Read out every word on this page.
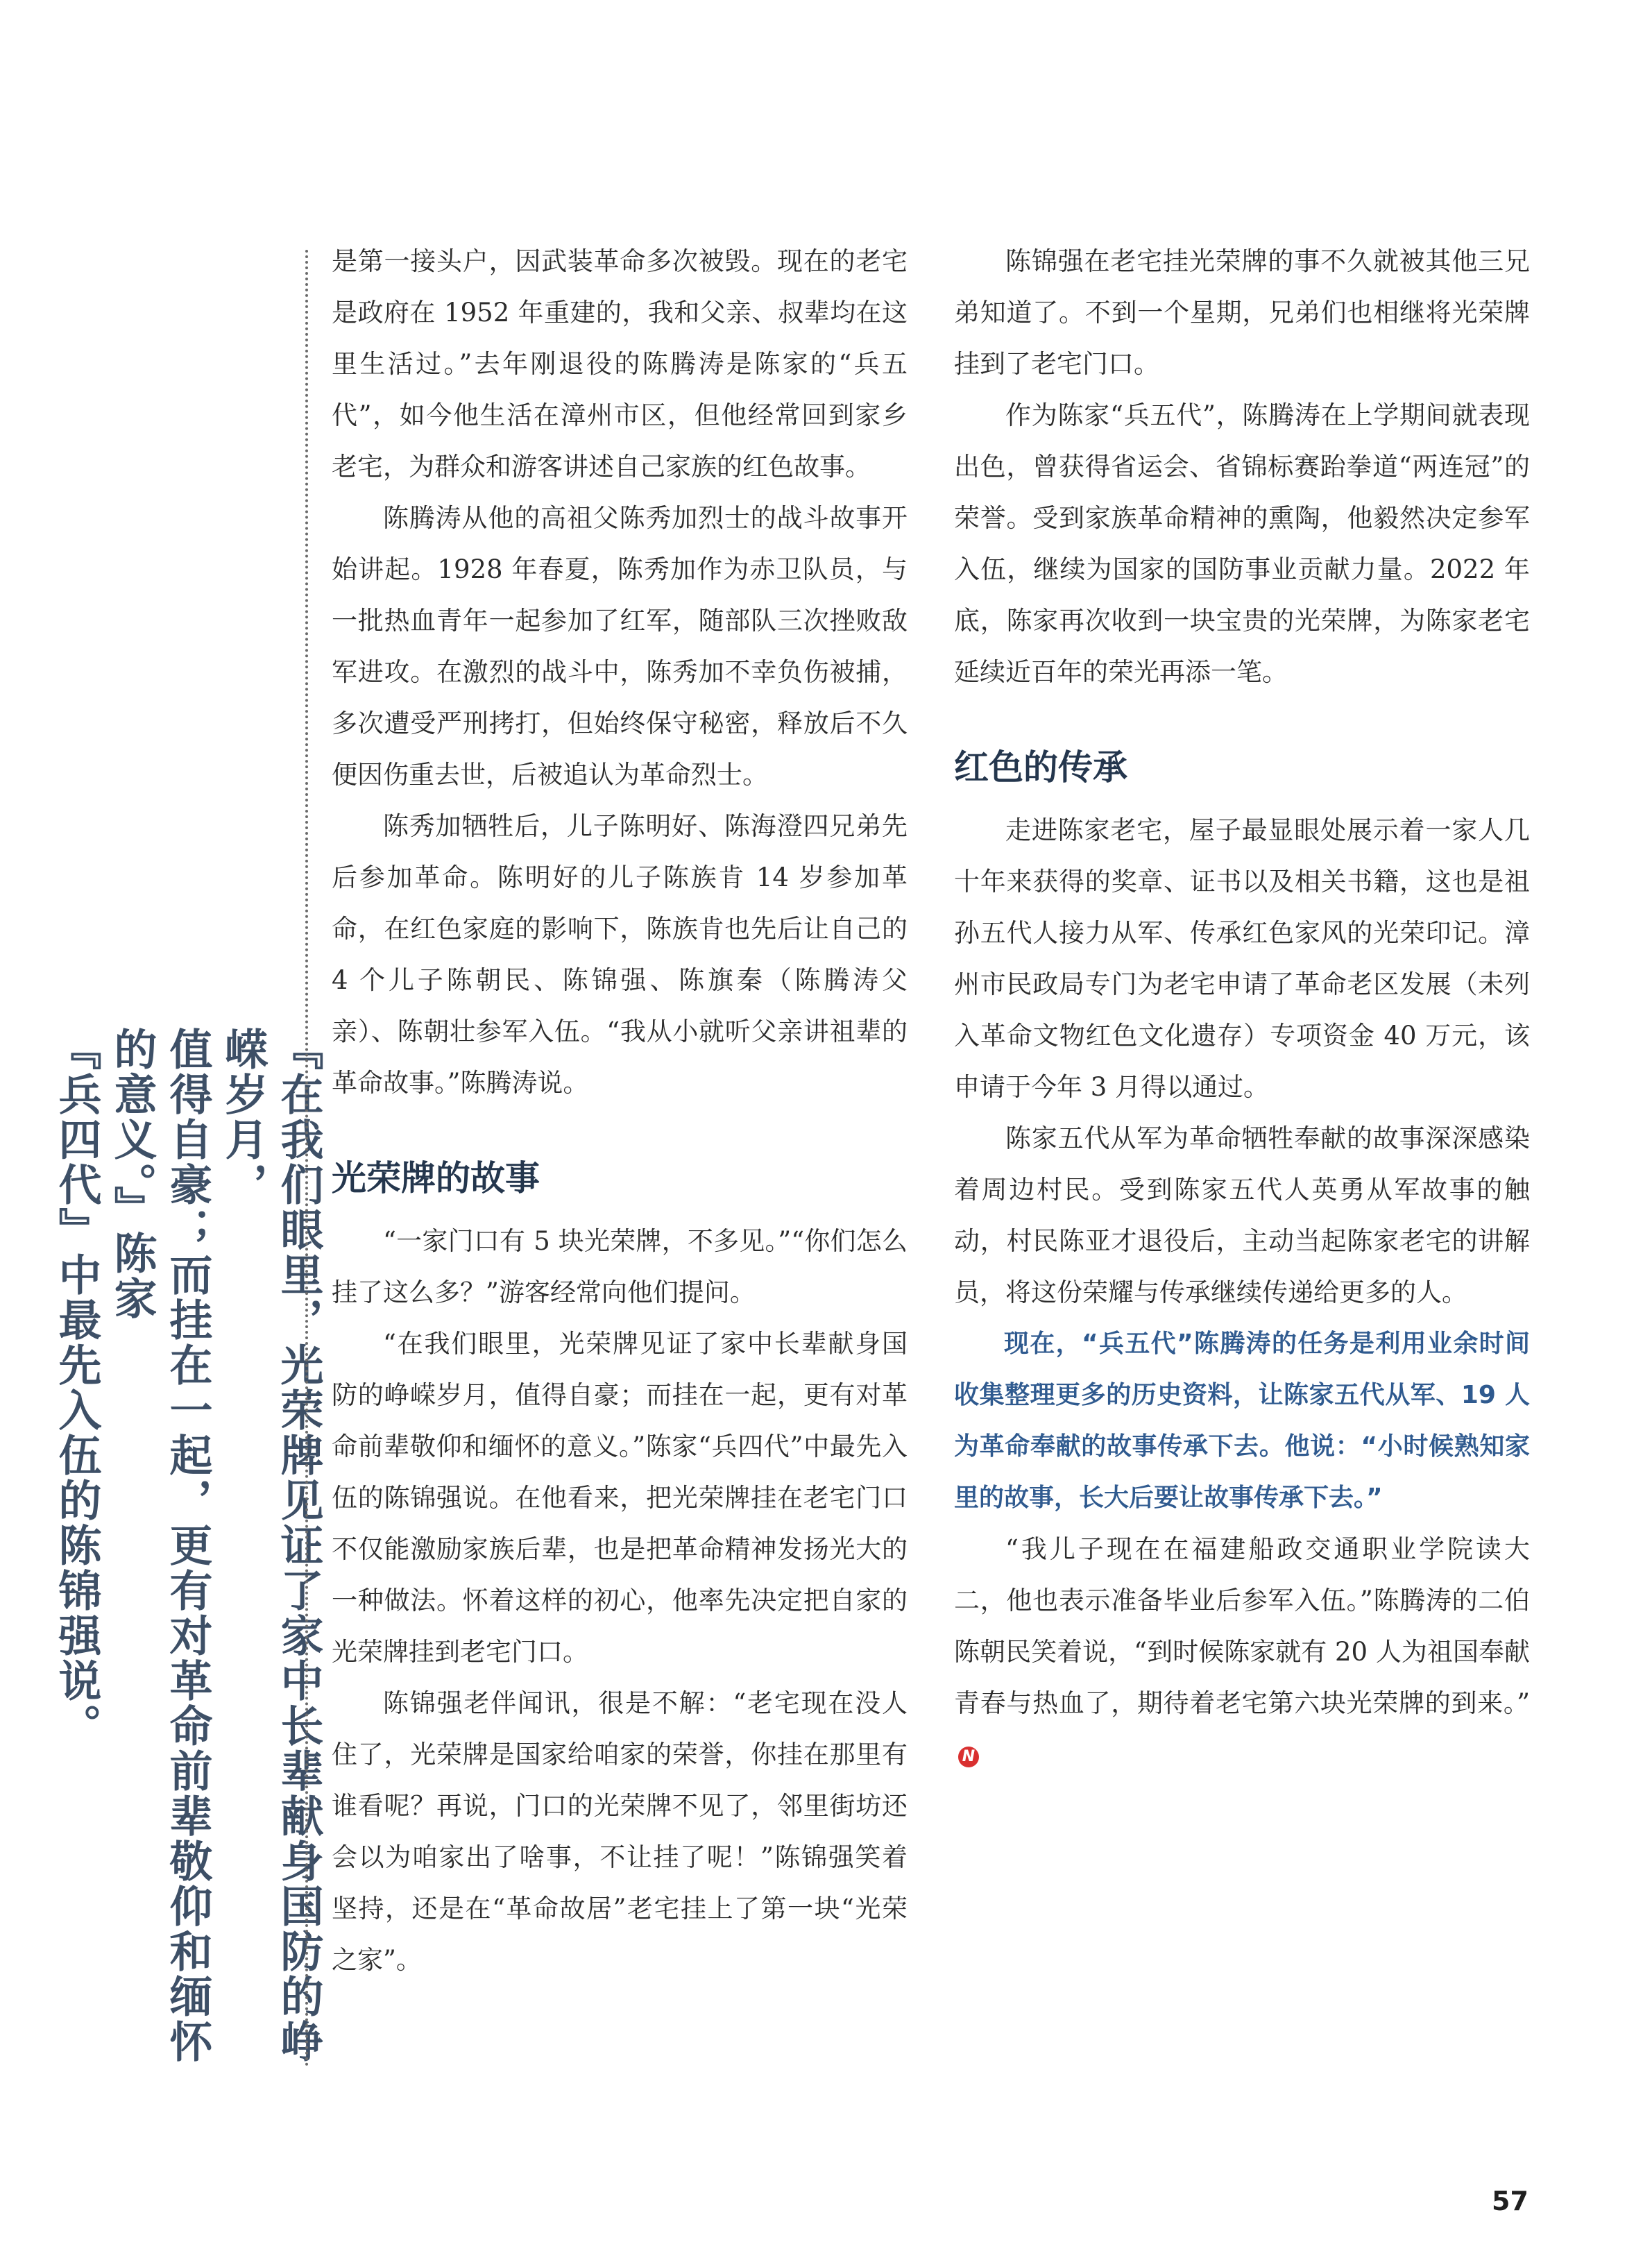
『在我们眼里，光荣牌见证了家中长辈献身国防的峥嵘岁月，
值得自豪；而挂在一起，更有对革命前辈敬仰和缅怀的意义。』陈家
『兵四代』中最先入伍的陈锦强说。

是第一接头户，因武装革命多次被毁。现在的老宅是政府在 1952 年重建的，我和父亲、叔辈均在这里生活过。”去年刚退役的陈腾涛是陈家的“兵五代”，如今他生活在漳州市区，但他经常回到家乡老宅，为群众和游客讲述自己家族的红色故事。

陈腾涛从他的高祖父陈秀加烈士的战斗故事开始讲起。1928 年春夏，陈秀加作为赤卫队员，与一批热血青年一起参加了红军，随部队三次挫败敌军进攻。在激烈的战斗中，陈秀加不幸负伤被捕，多次遭受严刑拷打，但始终保守秘密，释放后不久便因伤重去世，后被追认为革命烈士。

陈秀加牺牲后，儿子陈明好、陈海澄四兄弟先后参加革命。陈明好的儿子陈族肯 14 岁参加革命，在红色家庭的影响下，陈族肯也先后让自己的 4 个儿子陈朝民、陈锦强、陈旗秦（陈腾涛父亲）、陈朝壮参军入伍。“我从小就听父亲讲祖辈的革命故事。”陈腾涛说。

光荣牌的故事

“一家门口有 5 块光荣牌，不多见。”“你们怎么挂了这么多？”游客经常向他们提问。

“在我们眼里，光荣牌见证了家中长辈献身国防的峥嵘岁月，值得自豪；而挂在一起，更有对革命前辈敬仰和缅怀的意义。”陈家“兵四代”中最先入伍的陈锦强说。在他看来，把光荣牌挂在老宅门口不仅能激励家族后辈，也是把革命精神发扬光大的一种做法。怀着这样的初心，他率先决定把自家的光荣牌挂到老宅门口。

陈锦强老伴闻讯，很是不解：“老宅现在没人住了，光荣牌是国家给咱家的荣誉，你挂在那里有谁看呢？再说，门口的光荣牌不见了，邻里街坊还会以为咱家出了啥事，不让挂了呢！”陈锦强笑着坚持，还是在“革命故居”老宅挂上了第一块“光荣之家”。

陈锦强在老宅挂光荣牌的事不久就被其他三兄弟知道了。不到一个星期，兄弟们也相继将光荣牌挂到了老宅门口。

作为陈家“兵五代”，陈腾涛在上学期间就表现出色，曾获得省运会、省锦标赛跆拳道“两连冠”的荣誉。受到家族革命精神的熏陶，他毅然决定参军入伍，继续为国家的国防事业贡献力量。2022 年底，陈家再次收到一块宝贵的光荣牌，为陈家老宅延续近百年的荣光再添一笔。

红色的传承

走进陈家老宅，屋子最显眼处展示着一家人几十年来获得的奖章、证书以及相关书籍，这也是祖孙五代人接力从军、传承红色家风的光荣印记。漳州市民政局专门为老宅申请了革命老区发展（未列入革命文物红色文化遗存）专项资金 40 万元，该申请于今年 3 月得以通过。

陈家五代从军为革命牺牲奉献的故事深深感染着周边村民。受到陈家五代人英勇从军故事的触动，村民陈亚才退役后，主动当起陈家老宅的讲解员，将这份荣耀与传承继续传递给更多的人。

现在，“兵五代”陈腾涛的任务是利用业余时间收集整理更多的历史资料，让陈家五代从军、19 人为革命奉献的故事传承下去。他说：“小时候熟知家里的故事，长大后要让故事传承下去。”

“我儿子现在在福建船政交通职业学院读大二，他也表示准备毕业后参军入伍。”陈腾涛的二伯陈朝民笑着说，“到时候陈家就有 20 人为祖国奉献青春与热血了，期待着老宅第六块光荣牌的到来。”N

57
